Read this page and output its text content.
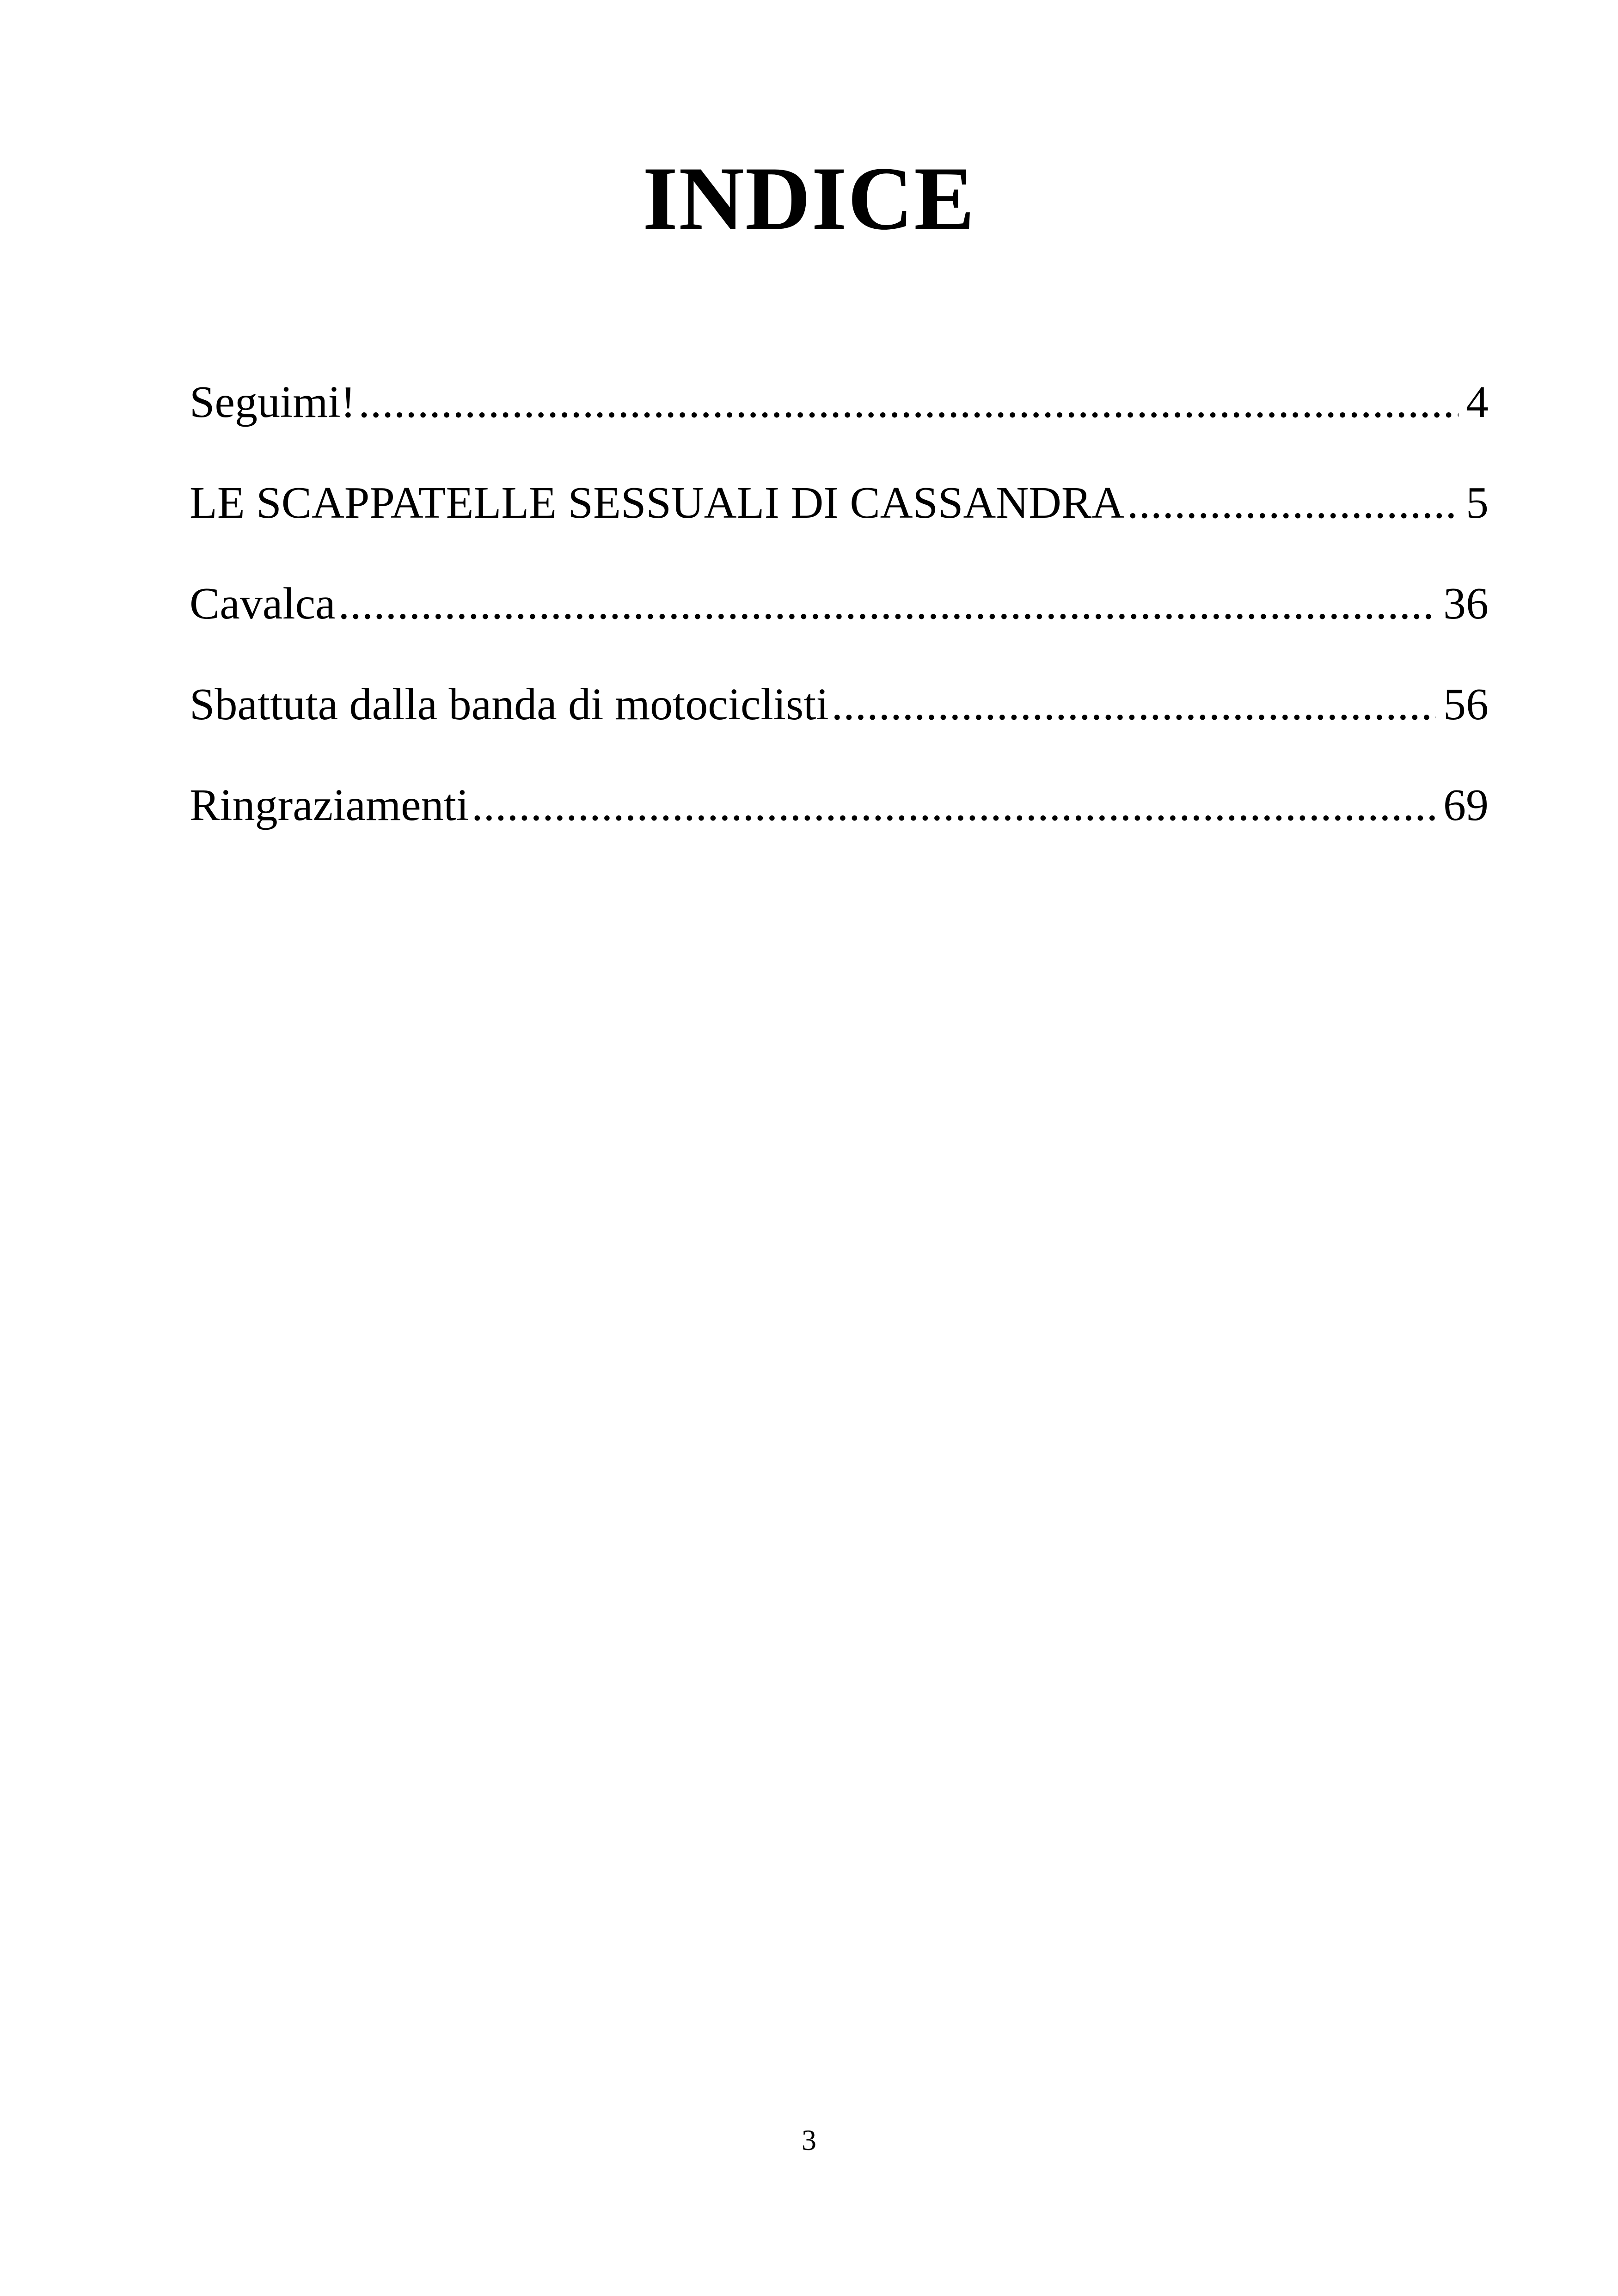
INDICE
Seguimi! .....	4
LE SCAPPATELLE SESSUALI DI CASSANDRA .....	5
Cavalca .....	36
Sbattuta dalla banda di motociclisti .....	56
Ringraziamenti .....	69
3
